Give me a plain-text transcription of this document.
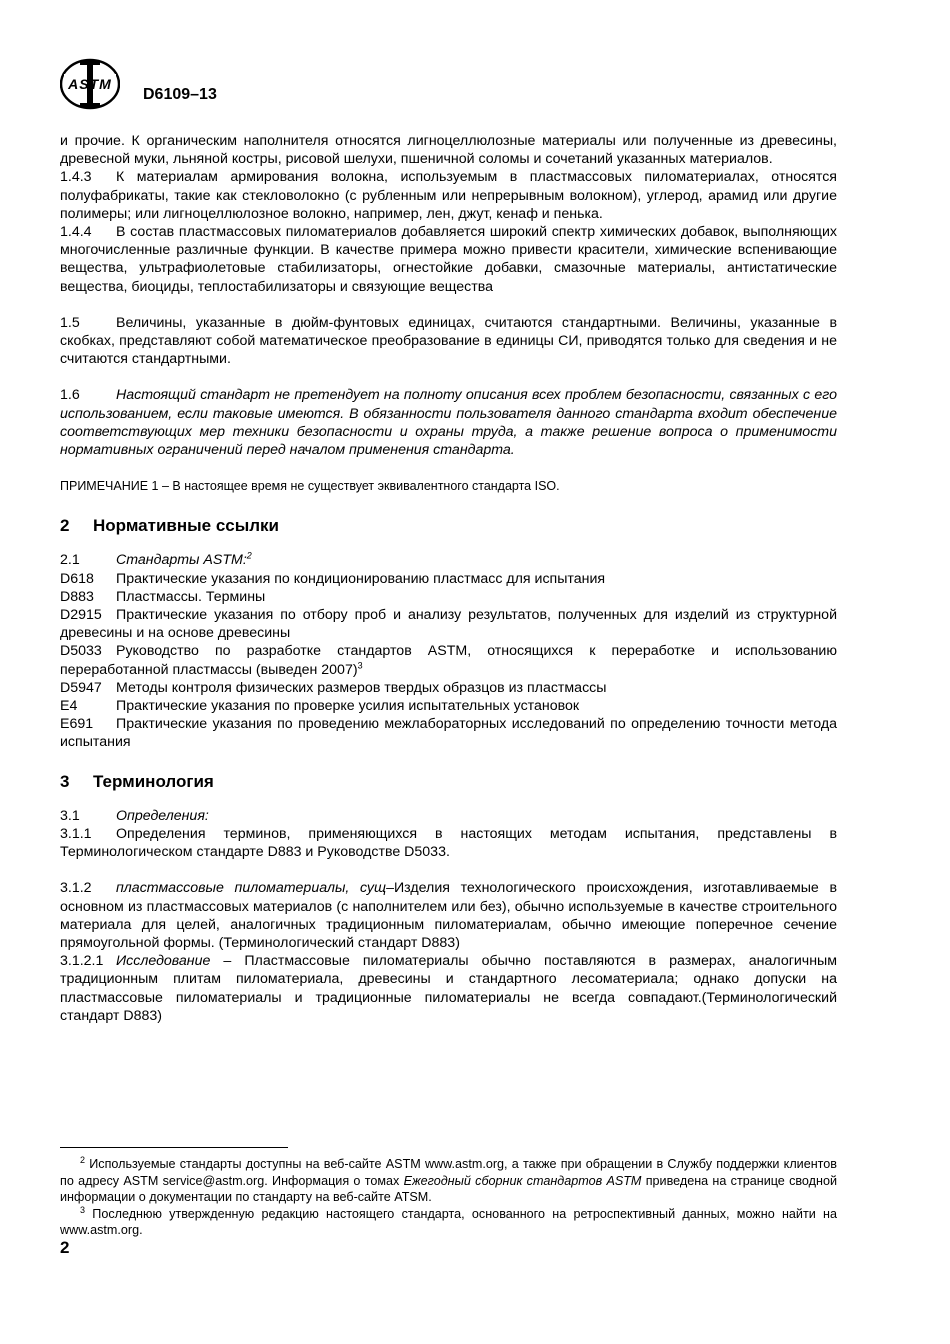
ASTM
D6109–13

и прочие. К органическим наполнителя относятся лигноцеллюлозные материалы или полученные из древесины, древесной муки, льняной костры, рисовой шелухи, пшеничной соломы и сочетаний указанных материалов.

1.4.3 К материалам армирования волокна, используемым в пластмассовых пиломатериалах, относятся полуфабрикаты, такие как стекловолокно (с рубленным или непрерывным волокном), углерод, арамид или другие полимеры; или лигноцеллюлозное волокно, например, лен, джут, кенаф и пенька.

1.4.4 В состав пластмассовых пиломатериалов добавляется широкий спектр химических добавок, выполняющих многочисленные различные функции. В качестве примера можно привести красители, химические вспенивающие вещества, ультрафиолетовые стабилизаторы, огнестойкие добавки, смазочные материалы, антистатические вещества, биоциды, теплостабилизаторы и связующие вещества

1.5	Величины, указанные в дюйм-фунтовых единицах, считаются стандартными. Величины, указанные в скобках, представляют собой математическое преобразование в единицы СИ, приводятся только для сведения и не считаются стандартными.

1.6	Настоящий стандарт не претендует на полноту описания всех проблем безопасности, связанных с его использованием, если таковые имеются. В обязанности пользователя данного стандарта входит обеспечение соответствующих мер техники безопасности и охраны труда, а также решение вопроса о применимости нормативных ограничений перед началом применения стандарта.

ПРИМЕЧАНИЕ 1 – В настоящее время не существует эквивалентного стандарта ISO.

2 Нормативные ссылки

2.1	Стандарты ASTM:$^2$

D618 Практические указания по кондиционированию пластмасс для испытания

D883 Пластмассы. Термины

D2915 Практические указания по отбору проб и анализу результатов, полученных для изделий из структурной древесины и на основе древесины

D5033 Руководство по разработке стандартов ASTM, относящихся к переработке и использованию переработанной пластмассы (выведен 2007)$^3$

D5947 Методы контроля физических размеров твердых образцов из пластмассы

E4	Практические указания по проверке усилия испытательных установок

E691 Практические указания по проведению межлабораторных исследований по определению точности метода испытания

3 Терминология

3.1	Определения:

3.1.1 Определения терминов, применяющихся в настоящих методам испытания, представлены в Терминологическом стандарте D883 и Руководстве D5033.

3.1.2 пластмассовые пиломатериалы, сущ–Изделия технологического происхождения, изготавливаемые в основном из пластмассовых материалов (с наполнителем или без), обычно используемые в качестве строительного материала для целей, аналогичных традиционным пиломатериалам, обычно имеющие поперечное сечение прямоугольной формы. (Терминологический стандарт D883)

3.1.2.1 Исследование – Пластмассовые пиломатериалы обычно поставляются в размерах, аналогичным традиционным плитам пиломатериала, древесины и стандартного лесоматериала; однако допуски на пластмассовые пиломатериалы и традиционные пиломатериалы не всегда совпадают.(Терминологический стандарт D883)

$^2$ Используемые стандарты доступны на веб-сайте ASTM www.astm.org, а также при обращении в Службу поддержки клиентов по адресу ASTM service@astm.org. Информация о томах Ежегодный сборник стандартов ASTM приведена на странице сводной информации о документации по стандарту на веб-сайте ATSM.

$^3$ Последнюю утвержденную редакцию настоящего стандарта, основанного на ретроспективный данных, можно найти на www.astm.org.

2
